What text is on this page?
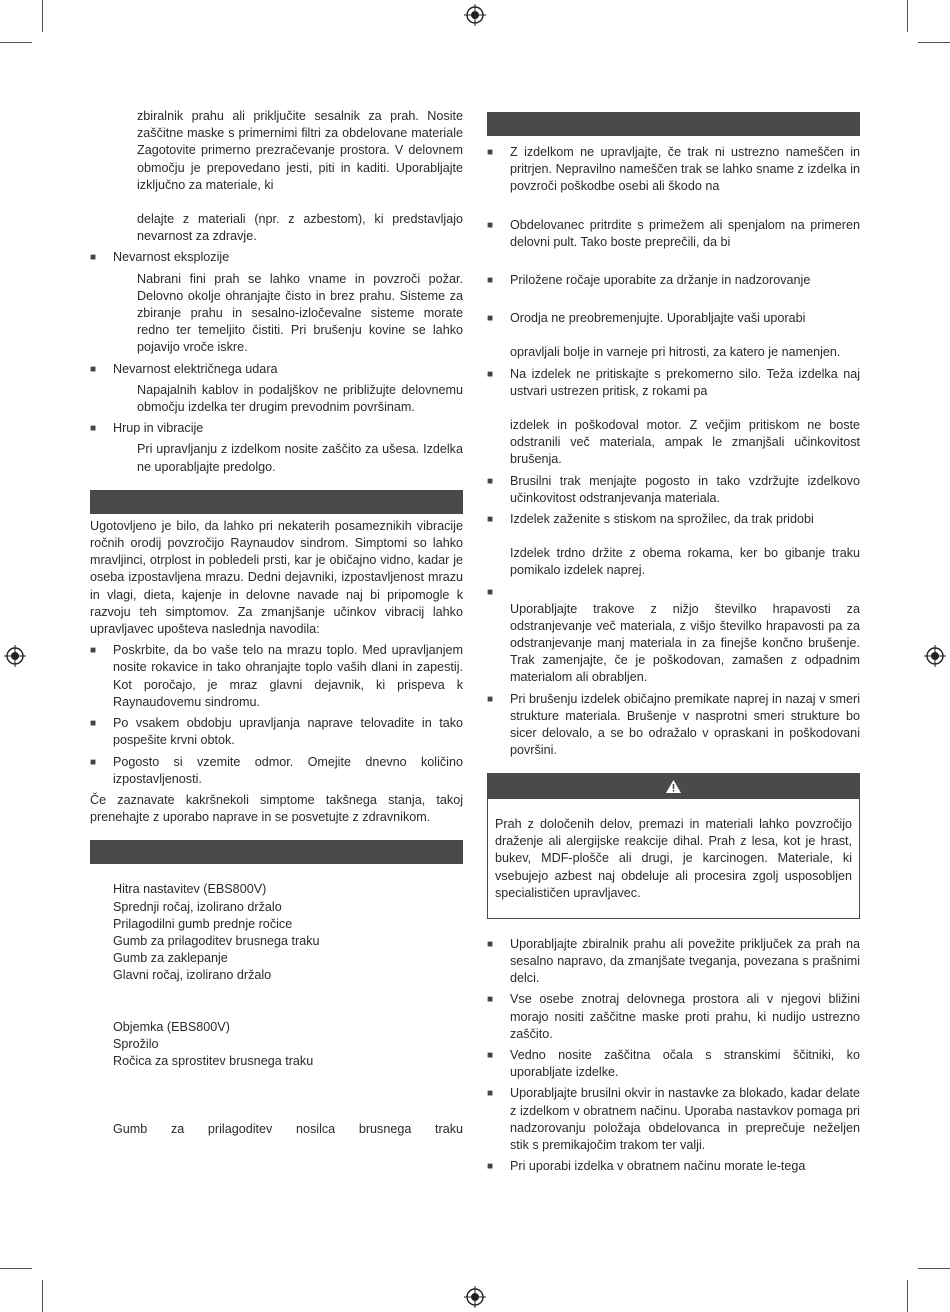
zbiralnik prahu ali priključite sesalnik za prah. Nosite zaščitne maske s primernimi filtri za obdelovane materiale Zagotovite primerno prezračevanje prostora. V delovnem območju je prepovedano jesti, piti in kaditi. Uporabljajte izključno za materiale, ki

delajte z materiali (npr. z azbestom), ki predstavljajo nevarnost za zdravje.

■ Nevarnost eksplozije

Nabrani fini prah se lahko vname in povzroči požar. Delovno okolje ohranjajte čisto in brez prahu. Sisteme za zbiranje prahu in sesalno-izločevalne sisteme morate redno ter temeljito čistiti. Pri brušenju kovine se lahko pojavijo vroče iskre.

■ Nevarnost električnega udara

Napajalnih kablov in podaljškov ne približujte delovnemu območju izdelka ter drugim prevodnim površinam.

■ Hrup in vibracije

Pri upravljanju z izdelkom nosite zaščito za ušesa. Izdelka ne uporabljajte predolgo.

Ugotovljeno je bilo, da lahko pri nekaterih posameznikih vibracije ročnih orodij povzročijo Raynaudov sindrom. Simptomi so lahko mravljinci, otrplost in pobledeli prsti, kar je običajno vidno, kadar je oseba izpostavljena mrazu. Dedni dejavniki, izpostavljenost mrazu in vlagi, dieta, kajenje in delovne navade naj bi pripomogle k razvoju teh simptomov. Za zmanjšanje učinkov vibracij lahko upravljavec upošteva naslednja navodila:

■ Poskrbite, da bo vaše telo na mrazu toplo. Med upravljanjem nosite rokavice in tako ohranjajte toplo vaših dlani in zapestij. Kot poročajo, je mraz glavni dejavnik, ki prispeva k Raynaudovemu sindromu.
■ Po vsakem obdobju upravljanja naprave telovadite in tako pospešite krvni obtok.
■ Pogosto si vzemite odmor. Omejite dnevno količino izpostavljenosti.

Če zaznavate kakršnekoli simptome takšnega stanja, takoj prenehajte z uporabo naprave in se posvetujte z zdravnikom.

Hitra nastavitev (EBS800V)
Sprednji ročaj, izolirano držalo
Prilagodilni gumb prednje ročice
Gumb za prilagoditev brusnega traku
Gumb za zaklepanje
Glavni ročaj, izolirano držalo
Objemka (EBS800V)
Sprožilo
Ročica za sprostitev brusnega traku
Gumb za prilagoditev nosilca brusnega traku
■ Z izdelkom ne upravljajte, če trak ni ustrezno nameščen in pritrjen. Nepravilno nameščen trak se lahko sname z izdelka in povzroči poškodbe osebi ali škodo na
■ Obdelovanec pritrdite s primežem ali spenjalom na primeren delovni pult. Tako boste preprečili, da bi
■ Priložene ročaje uporabite za držanje in nadzorovanje
■ Orodja ne preobremenjujte. Uporabljajte vaši uporabi

opravljali bolje in varneje pri hitrosti, za katero je namenjen.

■ Na izdelek ne pritiskajte s prekomerno silo. Teža izdelka naj ustvari ustrezen pritisk, z rokami pa

izdelek in poškodoval motor. Z večjim pritiskom ne boste odstranili več materiala, ampak le zmanjšali učinkovitost brušenja.

■ Brusilni trak menjajte pogosto in tako vzdržujte izdelkovo učinkovitost odstranjevanja materiala.
■ Izdelek zaženite s stiskom na sprožilec, da trak pridobi

Izdelek trdno držite z obema rokama, ker bo gibanje traku pomikalo izdelek naprej.

■

Uporabljajte trakove z nižjo številko hrapavosti za odstranjevanje več materiala, z višjo številko hrapavosti pa za odstranjevanje manj materiala in za finejše končno brušenje. Trak zamenjajte, če je poškodovan, zamašen z odpadnim materialom ali obrabljen.

■ Pri brušenju izdelek običajno premikate naprej in nazaj v smeri strukture materiala. Brušenje v nasprotni smeri strukture bo sicer delovalo, a se bo odražalo v opraskani in poškodovani površini.

Prah z določenih delov, premazi in materiali lahko povzročijo draženje ali alergijske reakcije dihal. Prah z lesa, kot je hrast, bukev, MDF-plošče ali drugi, je karcinogen. Materiale, ki vsebujejo azbest naj obdeluje ali procesira zgolj usposobljen specialističen upravljavec.

■ Uporabljajte zbiralnik prahu ali povežite priključek za prah na sesalno napravo, da zmanjšate tveganja, povezana s prašnimi delci.
■ Vse osebe znotraj delovnega prostora ali v njegovi bližini morajo nositi zaščitne maske proti prahu, ki nudijo ustrezno zaščito.
■ Vedno nosite zaščitna očala s stranskimi ščitniki, ko uporabljate izdelke.
■ Uporabljajte brusilni okvir in nastavke za blokado, kadar delate z izdelkom v obratnem načinu. Uporaba nastavkov pomaga pri nadzorovanju položaja obdelovanca in preprečuje neželjen stik s premikajočim trakom ter valji.
■ Pri uporabi izdelka v obratnem načinu morate le-tega
